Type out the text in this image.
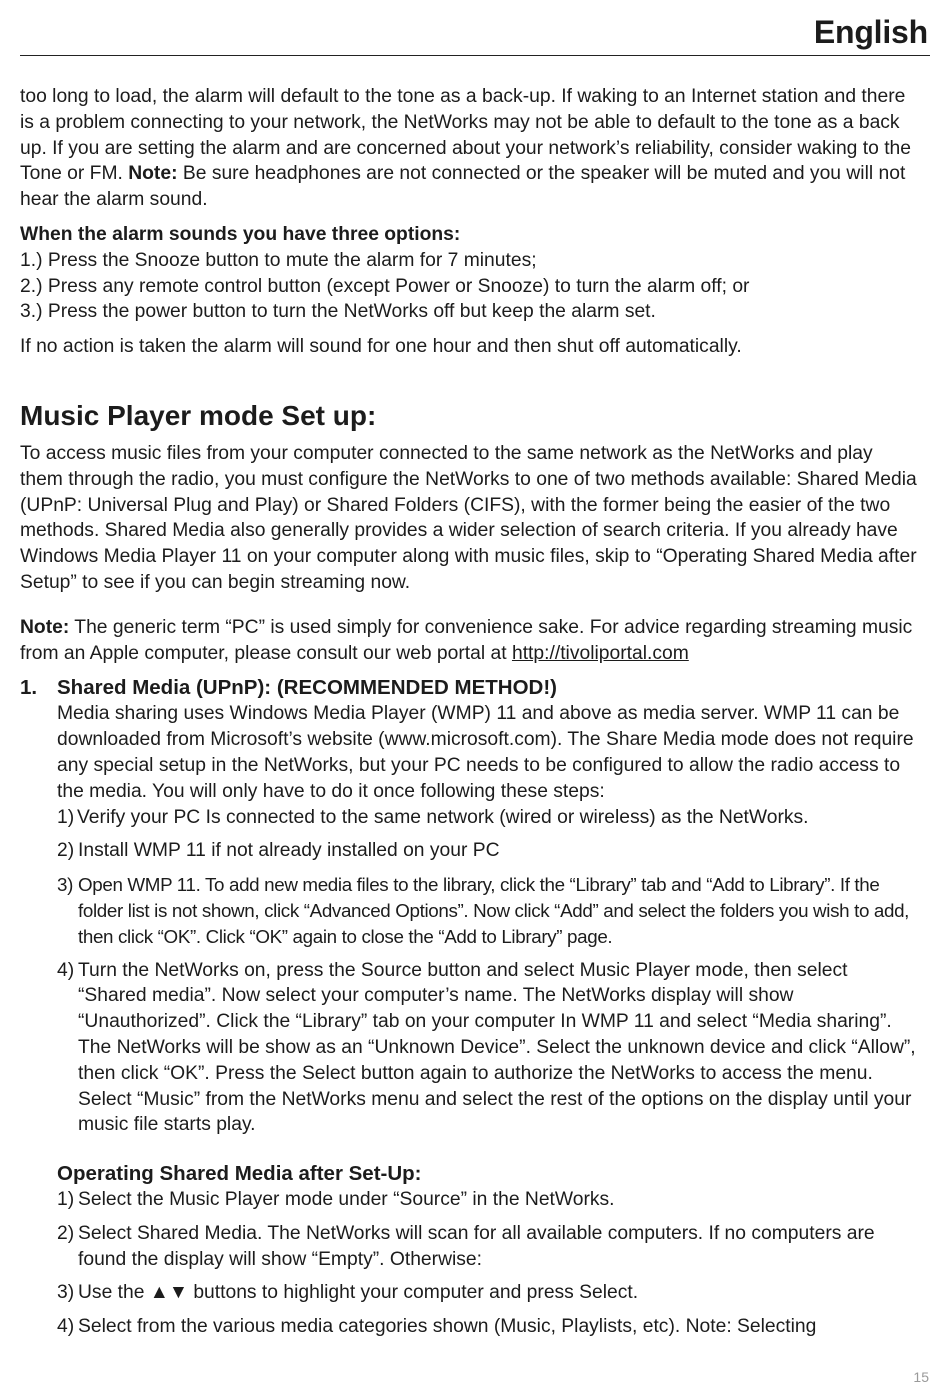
English

too long to load, the alarm will default to the tone as a back-up. If waking to an Internet station and there is a problem connecting to your network, the NetWorks may not be able to default to the tone as a back up. If you are setting the alarm and are concerned about your network’s reliability, consider waking to the Tone or FM. Note: Be sure headphones are not connected or the speaker will be muted and you will not hear the alarm sound.

When the alarm sounds you have three options:

1.) Press the Snooze button to mute the alarm for 7 minutes;

2.) Press any remote control button (except Power or Snooze) to turn the alarm off; or

3.) Press the power button to turn the NetWorks off but keep the alarm set.

If no action is taken the alarm will sound for one hour and then shut off automatically.

Music Player mode Set up:

To access music files from your computer connected to the same network as the NetWorks and play them through the radio, you must configure the NetWorks to one of two methods available: Shared Media (UPnP: Universal Plug and Play) or Shared Folders (CIFS), with the former being the easier of the two methods. Shared Media also generally provides a wider selection of search criteria. If you already have Windows Media Player 11 on your computer along with music files, skip to “Operating Shared Media after Setup” to see if you can begin streaming now.

Note: The generic term “PC” is used simply for convenience sake. For advice regarding streaming music from an Apple computer, please consult our web portal at http://tivoliportal.com

1. Shared Media (UPnP): (RECOMMENDED METHOD!)

Media sharing uses Windows Media Player (WMP) 11 and above as media server. WMP 11 can be downloaded from Microsoft’s website (www.microsoft.com). The Share Media mode does not require any special setup in the NetWorks, but your PC needs to be configured to allow the radio access to the media. You will only have to do it once following these steps:

1) Verify your PC Is connected to the same network (wired or wireless) as the NetWorks.
2) Install WMP 11 if not already installed on your PC
3) Open WMP 11. To add new media files to the library, click the “Library” tab and “Add to Library”. If the folder list is not shown, click “Advanced Options”. Now click “Add” and select the folders you wish to add, then click “OK”. Click “OK” again to close the “Add to Library” page.
4) Turn the NetWorks on, press the Source button and select Music Player mode, then select “Shared media”. Now select your computer’s name. The NetWorks display will show “Unauthorized”. Click the “Library” tab on your computer In WMP 11 and select “Media sharing”. The NetWorks will be show as an “Unknown Device”. Select the unknown device and click “Allow”, then click “OK”. Press the Select button again to authorize the NetWorks to access the menu. Select “Music” from the NetWorks menu and select the rest of the options on the display until your music file starts play.
Operating Shared Media after Set-Up:
1) Select the Music Player mode under “Source” in the NetWorks.
2) Select Shared Media. The NetWorks will scan for all available computers. If no computers are found the display will show “Empty”. Otherwise:
3) Use the ▲▼ buttons to highlight your computer and press Select.
4) Select from the various media categories shown (Music, Playlists, etc). Note: Selecting
15
